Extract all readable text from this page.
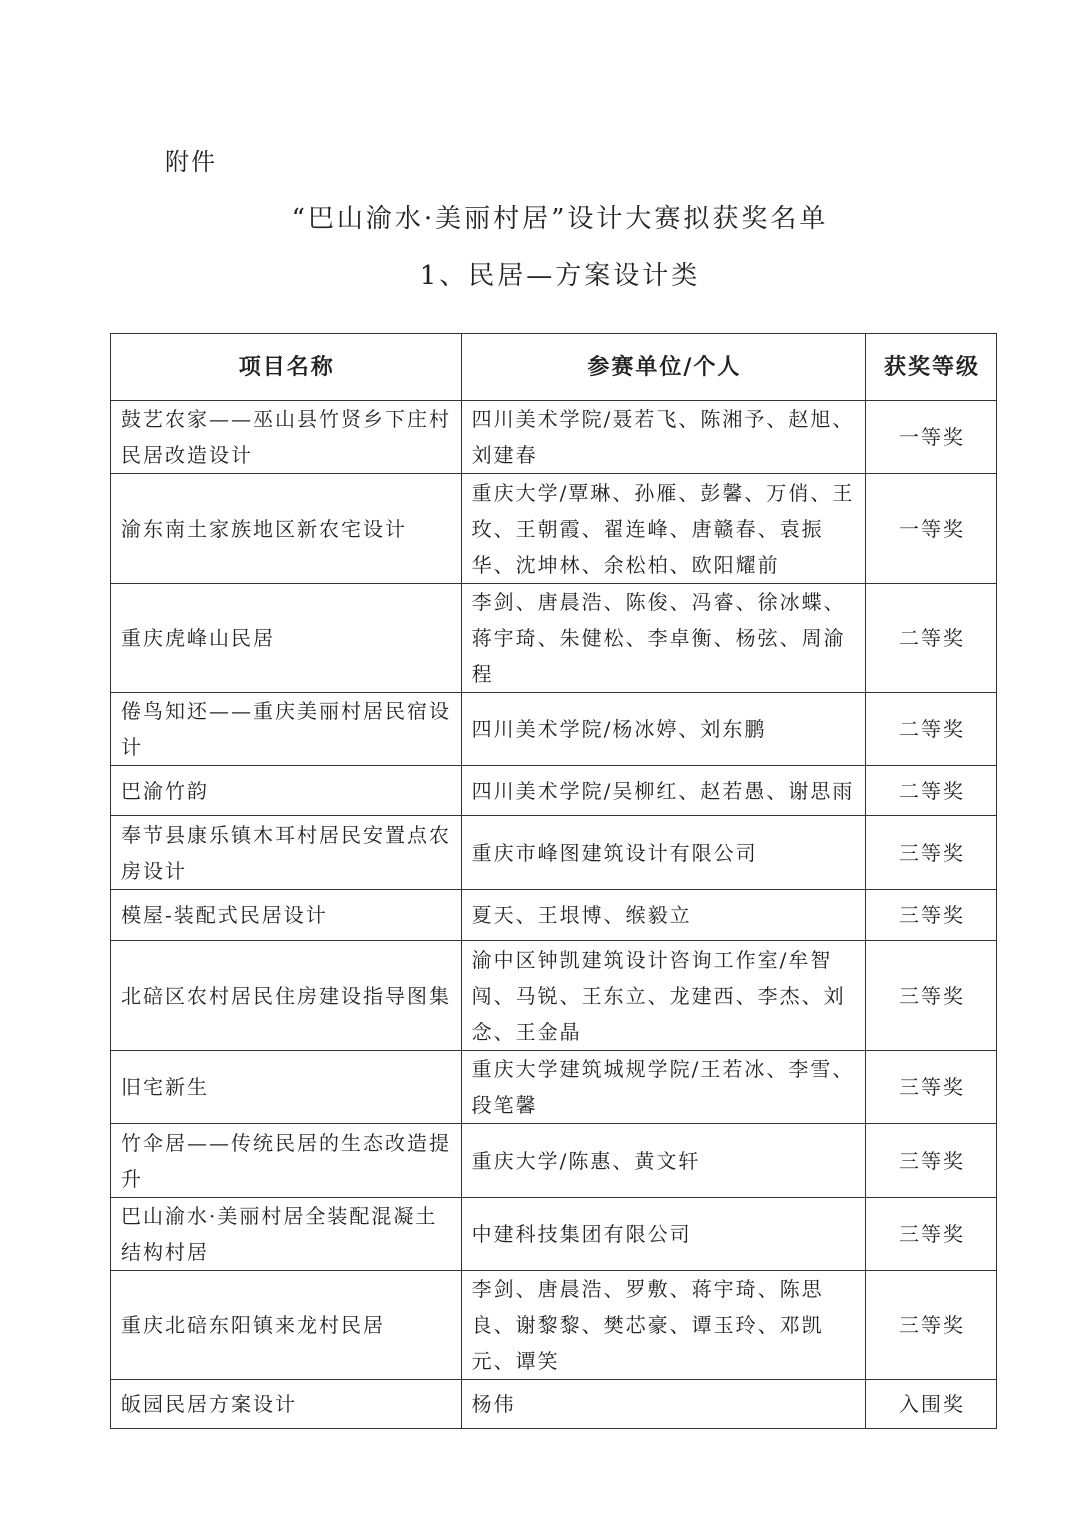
附件
“巴山渝水·美丽村居”设计大赛拟获奖名单
1、民居—方案设计类
项目名称	参赛单位/个人	获奖等级
鼓艺农家——巫山县竹贤乡下庄村民居改造设计	四川美术学院/聂若飞、陈湘予、赵旭、刘建春	一等奖
渝东南土家族地区新农宅设计	重庆大学/覃琳、孙雁、彭馨、万俏、王玫、王朝霞、翟连峰、唐赣春、袁振华、沈坤林、余松柏、欧阳耀前	一等奖
重庆虎峰山民居	李剑、唐晨浩、陈俊、冯睿、徐冰蝶、蒋宇琦、朱健松、李卓衡、杨弦、周渝程	二等奖
倦鸟知还——重庆美丽村居民宿设计	四川美术学院/杨冰婷、刘东鹏	二等奖
巴渝竹韵	四川美术学院/吴柳红、赵若愚、谢思雨	二等奖
奉节县康乐镇木耳村居民安置点农房设计	重庆市峰图建筑设计有限公司	三等奖
模屋-装配式民居设计	夏天、王垠博、缑毅立	三等奖
北碚区农村居民住房建设指导图集	渝中区钟凯建筑设计咨询工作室/牟智闯、马锐、王东立、龙建西、李杰、刘念、王金晶	三等奖
旧宅新生	重庆大学建筑城规学院/王若冰、李雪、段笔馨	三等奖
竹伞居——传统民居的生态改造提升	重庆大学/陈惠、黄文轩	三等奖
巴山渝水·美丽村居全装配混凝土结构村居	中建科技集团有限公司	三等奖
重庆北碚东阳镇来龙村民居	李剑、唐晨浩、罗敷、蒋宇琦、陈思良、谢黎黎、樊芯豪、谭玉玲、邓凯元、谭笑	三等奖
皈园民居方案设计	杨伟	入围奖
